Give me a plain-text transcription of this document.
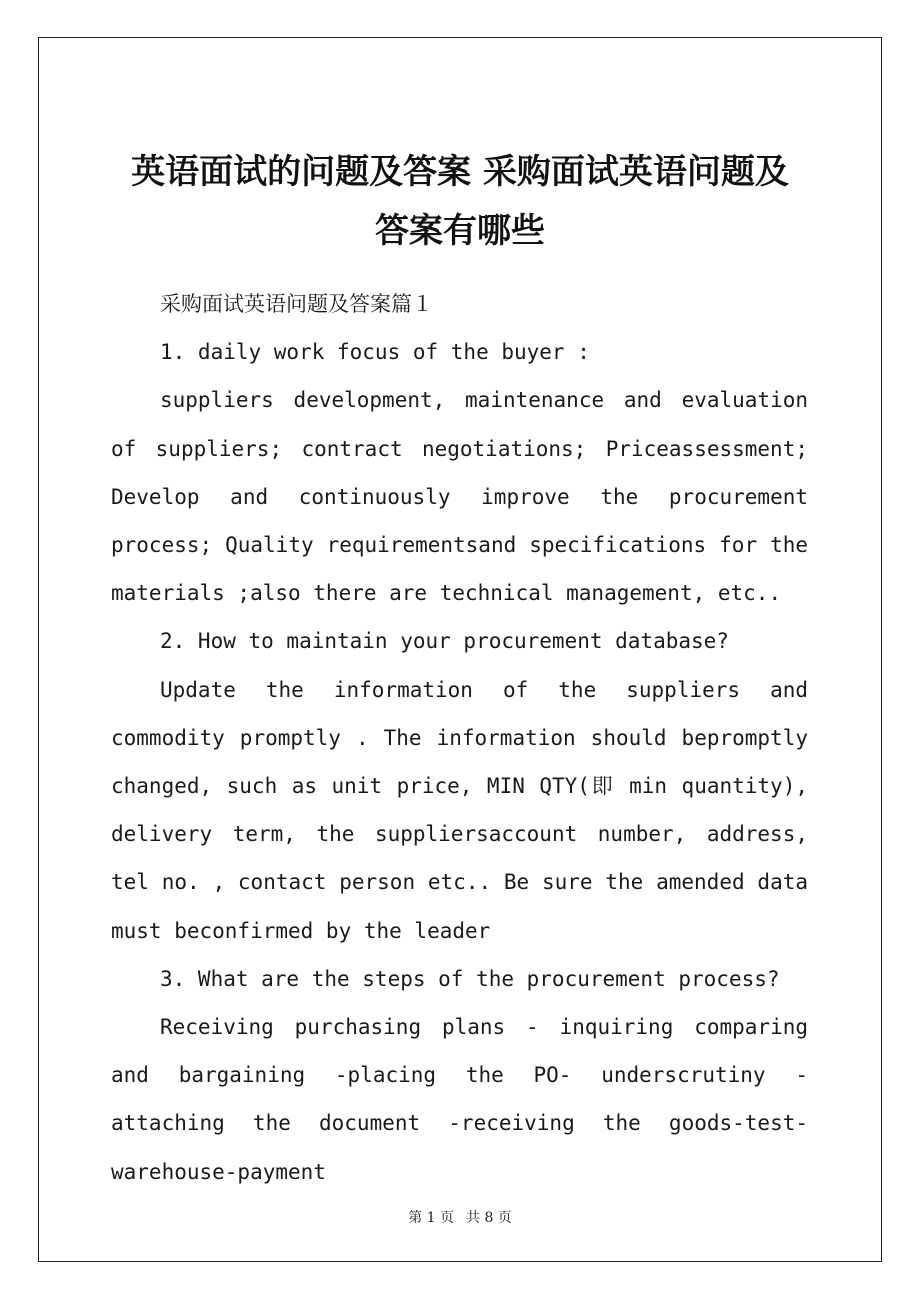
英语面试的问题及答案 采购面试英语问题及
答案有哪些

采购面试英语问题及答案篇１

1. daily work focus of the buyer :

suppliers development, maintenance and evaluation of suppliers; contract negotiations; Priceassessment; Develop and continuously improve the procurement process; Quality requirementsand specifications for the materials ;also there are technical management, etc..

2. How to maintain your procurement database?

Update the information of the suppliers and commodity promptly . The information should bepromptly changed, such as unit price, MIN QTY(即 min quantity), delivery term, the suppliersaccount number, address, tel no. , contact person etc.. Be sure the amended data must beconfirmed by the leader

3. What are the steps of the procurement process?

Receiving purchasing plans - inquiring comparing and bargaining -placing the PO- underscrutiny - attaching the document -receiving the goods-test-warehouse-payment

第 1 页 共 8 页
